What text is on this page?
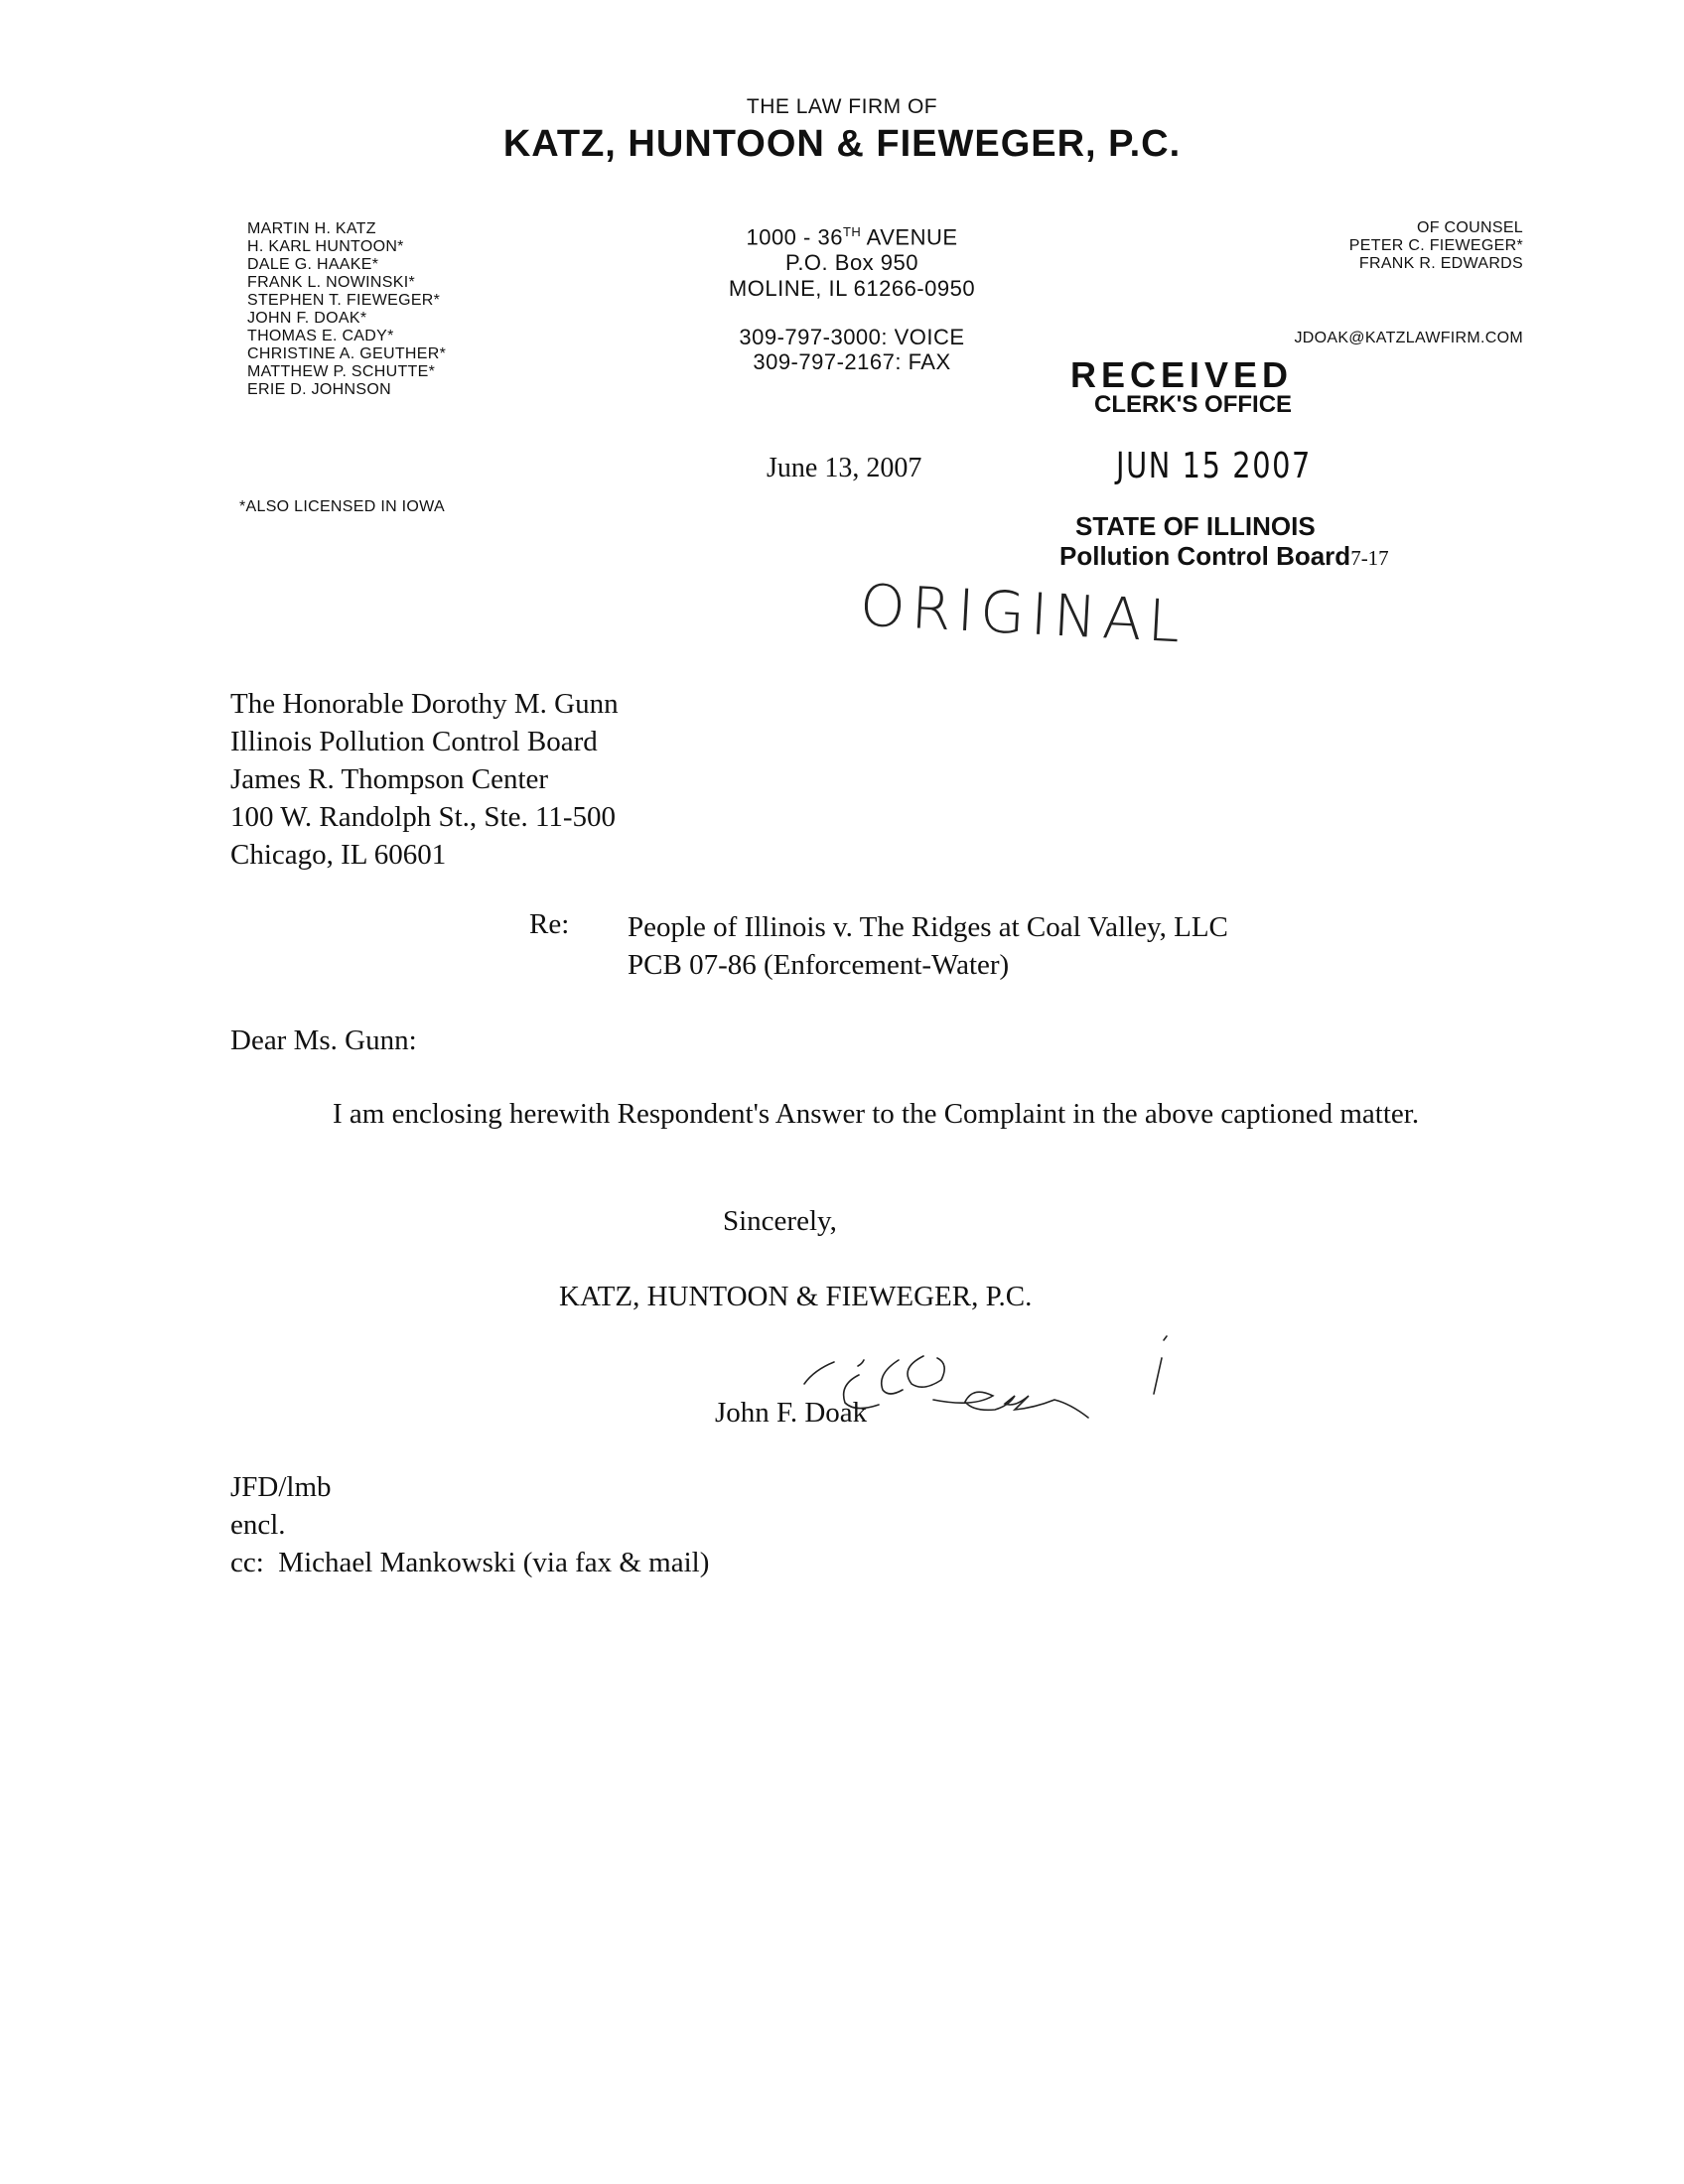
THE LAW FIRM OF
KATZ, HUNTOON & FIEWEGER, P.C.
MARTIN H. KATZ
H. KARL HUNTOON*
DALE G. HAAKE*
FRANK L. NOWINSKI*
STEPHEN T. FIEWEGER*
JOHN F. DOAK*
THOMAS E. CADY*
CHRISTINE A. GEUTHER*
MATTHEW P. SCHUTTE*
ERIE D. JOHNSON
*ALSO LICENSED IN IOWA
1000 - 36TH AVENUE
P.O. Box 950
MOLINE, IL 61266-0950
309-797-3000: VOICE
309-797-2167: FAX
June 13, 2007
OF COUNSEL
PETER C. FIEWEGER*
FRANK R. EDWARDS
JDOAK@KATZLAWFIRM.COM
RECEIVED
CLERK'S OFFICE
JUN 15 2007
STATE OF ILLINOIS
Pollution Control Board7-17
ORIGINAL
The Honorable Dorothy M. Gunn
Illinois Pollution Control Board
James R. Thompson Center
100 W. Randolph St., Ste. 11-500
Chicago, IL 60601
Re: People of Illinois v. The Ridges at Coal Valley, LLC
PCB 07-86 (Enforcement-Water)
Dear Ms. Gunn:
I am enclosing herewith Respondent's Answer to the Complaint in the above captioned matter.
Sincerely,
KATZ, HUNTOON & FIEWEGER, P.C.
John F. Doak
JFD/lmb
encl.
cc:  Michael Mankowski (via fax & mail)
